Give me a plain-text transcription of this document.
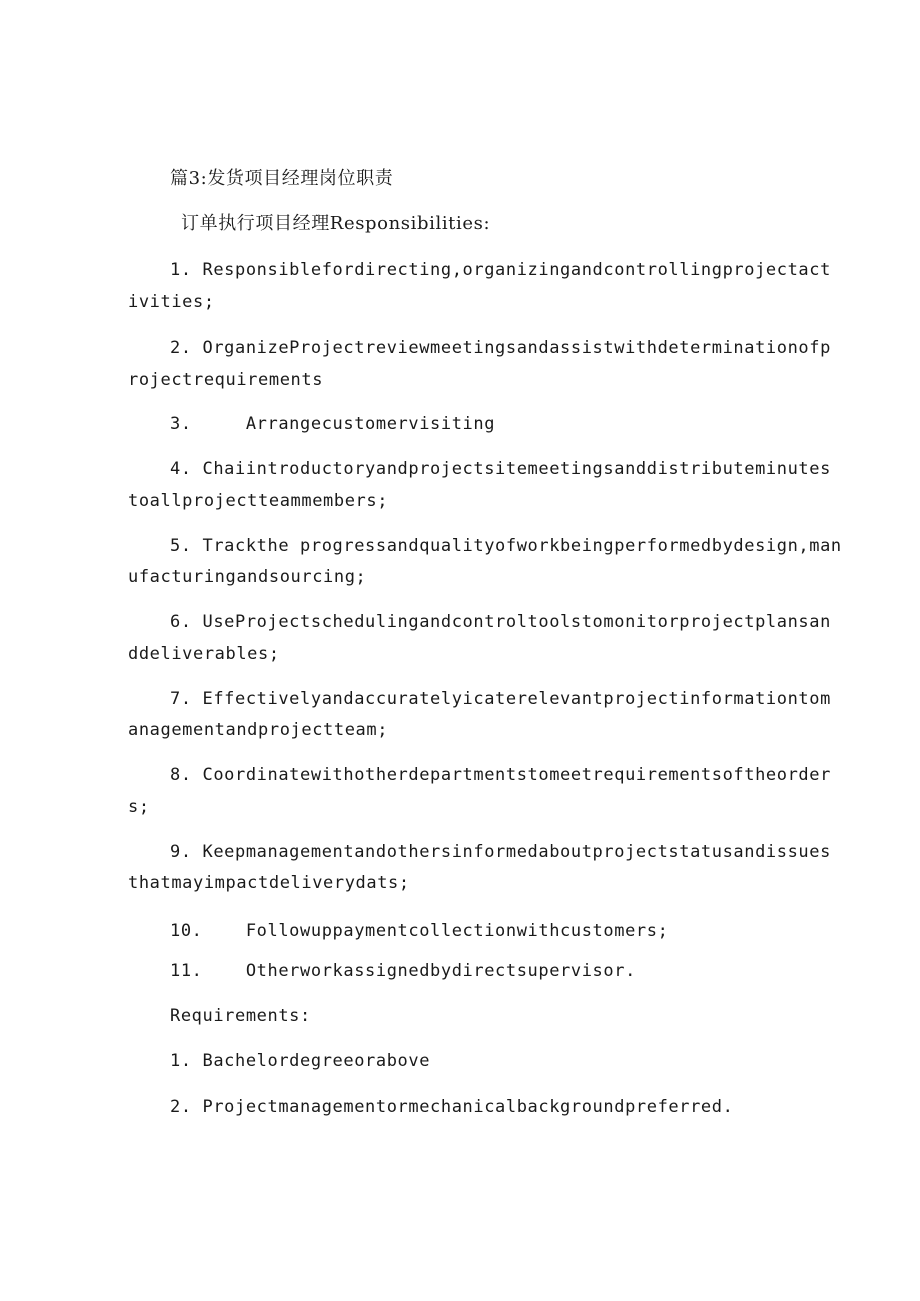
篇3:发货项目经理岗位职责
订单执行项目经理Responsibilities:
1. Responsiblefordirecting,organizingandcontrollingprojectact
ivities;
2. OrganizeProjectreviewmeetingsandassistwithdeterminationofp
rojectrequirements
3.     Arrangecustomervisiting
4. Chaiintroductoryandprojectsitemeetingsanddistributeminutes
toallprojectteammembers;
5. Trackthe progressandqualityofworkbeingperformedbydesign,man
ufacturingandsourcing;
6. UseProjectschedulingandcontroltoolstomonitorprojectplansan
ddeliverables;
7. Effectivelyandaccuratelyicaterelevantprojectinformationtom
anagementandprojectteam;
8. Coordinatewithotherdepartmentstomeetrequirementsoftheorder
s;
9. Keepmanagementandothersinformedaboutprojectstatusandissues
thatmayimpactdeliverydats;
10.    Followuppaymentcollectionwithcustomers;
11.    Otherworkassignedbydirectsupervisor.
Requirements:
1. Bachelordegreeorabove
2. Projectmanagementormechanicalbackgroundpreferred.
